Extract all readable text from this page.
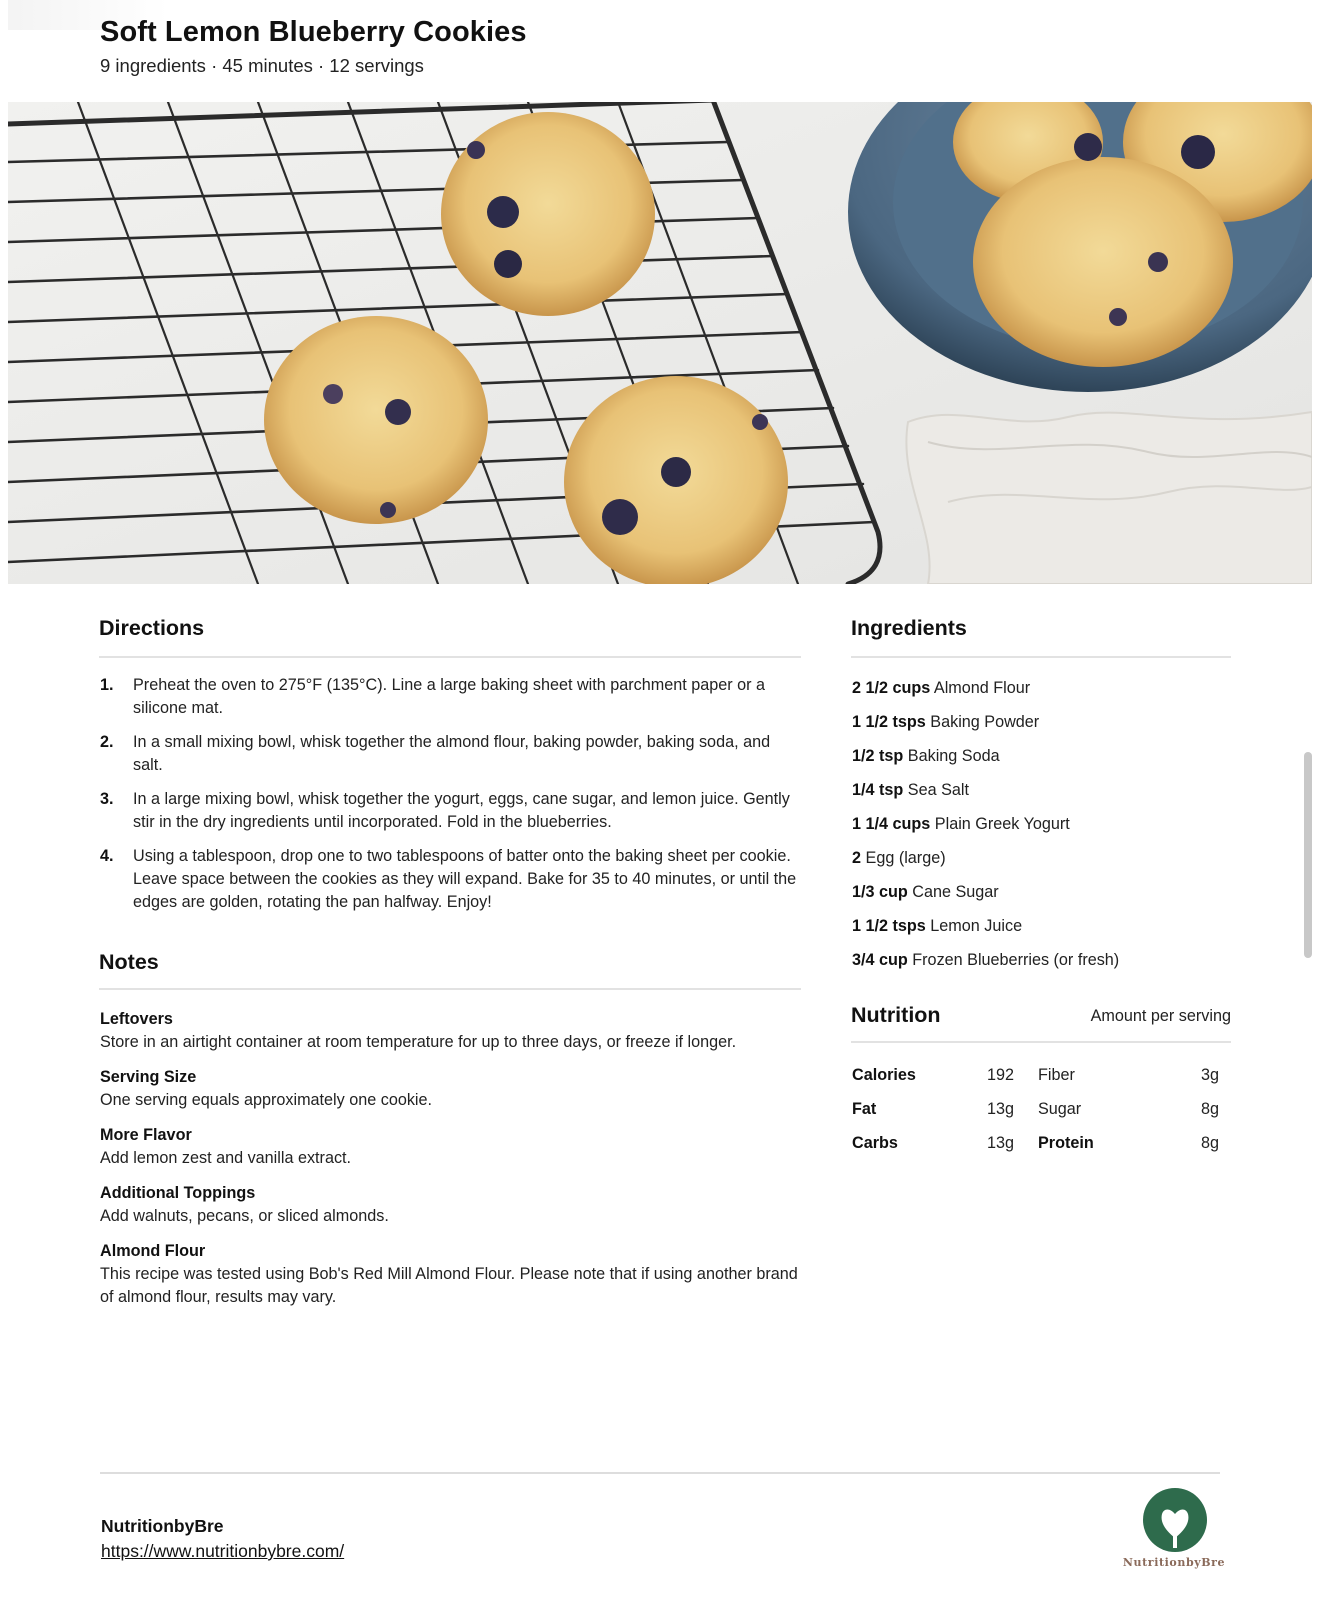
Soft Lemon Blueberry Cookies
9 ingredients · 45 minutes · 12 servings
Directions
1. Preheat the oven to 275°F (135°C). Line a large baking sheet with parchment paper or a silicone mat.
2. In a small mixing bowl, whisk together the almond flour, baking powder, baking soda, and salt.
3. In a large mixing bowl, whisk together the yogurt, eggs, cane sugar, and lemon juice. Gently stir in the dry ingredients until incorporated. Fold in the blueberries.
4. Using a tablespoon, drop one to two tablespoons of batter onto the baking sheet per cookie. Leave space between the cookies as they will expand. Bake for 35 to 40 minutes, or until the edges are golden, rotating the pan halfway. Enjoy!
Notes
Leftovers
Store in an airtight container at room temperature for up to three days, or freeze if longer.
Serving Size
One serving equals approximately one cookie.
More Flavor
Add lemon zest and vanilla extract.
Additional Toppings
Add walnuts, pecans, or sliced almonds.
Almond Flour
This recipe was tested using Bob's Red Mill Almond Flour. Please note that if using another brand of almond flour, results may vary.
Ingredients
2 1/2 cups Almond Flour
1 1/2 tsps Baking Powder
1/2 tsp Baking Soda
1/4 tsp Sea Salt
1 1/4 cups Plain Greek Yogurt
2 Egg (large)
1/3 cup Cane Sugar
1 1/2 tsps Lemon Juice
3/4 cup Frozen Blueberries (or fresh)
Nutrition	Amount per serving
Calories	192 Fiber	3g
Fat	13g Sugar	8g
Carbs	13g Protein	8g
NutritionbyBre
https://www.nutritionbybre.com/
NutritionbyBre
